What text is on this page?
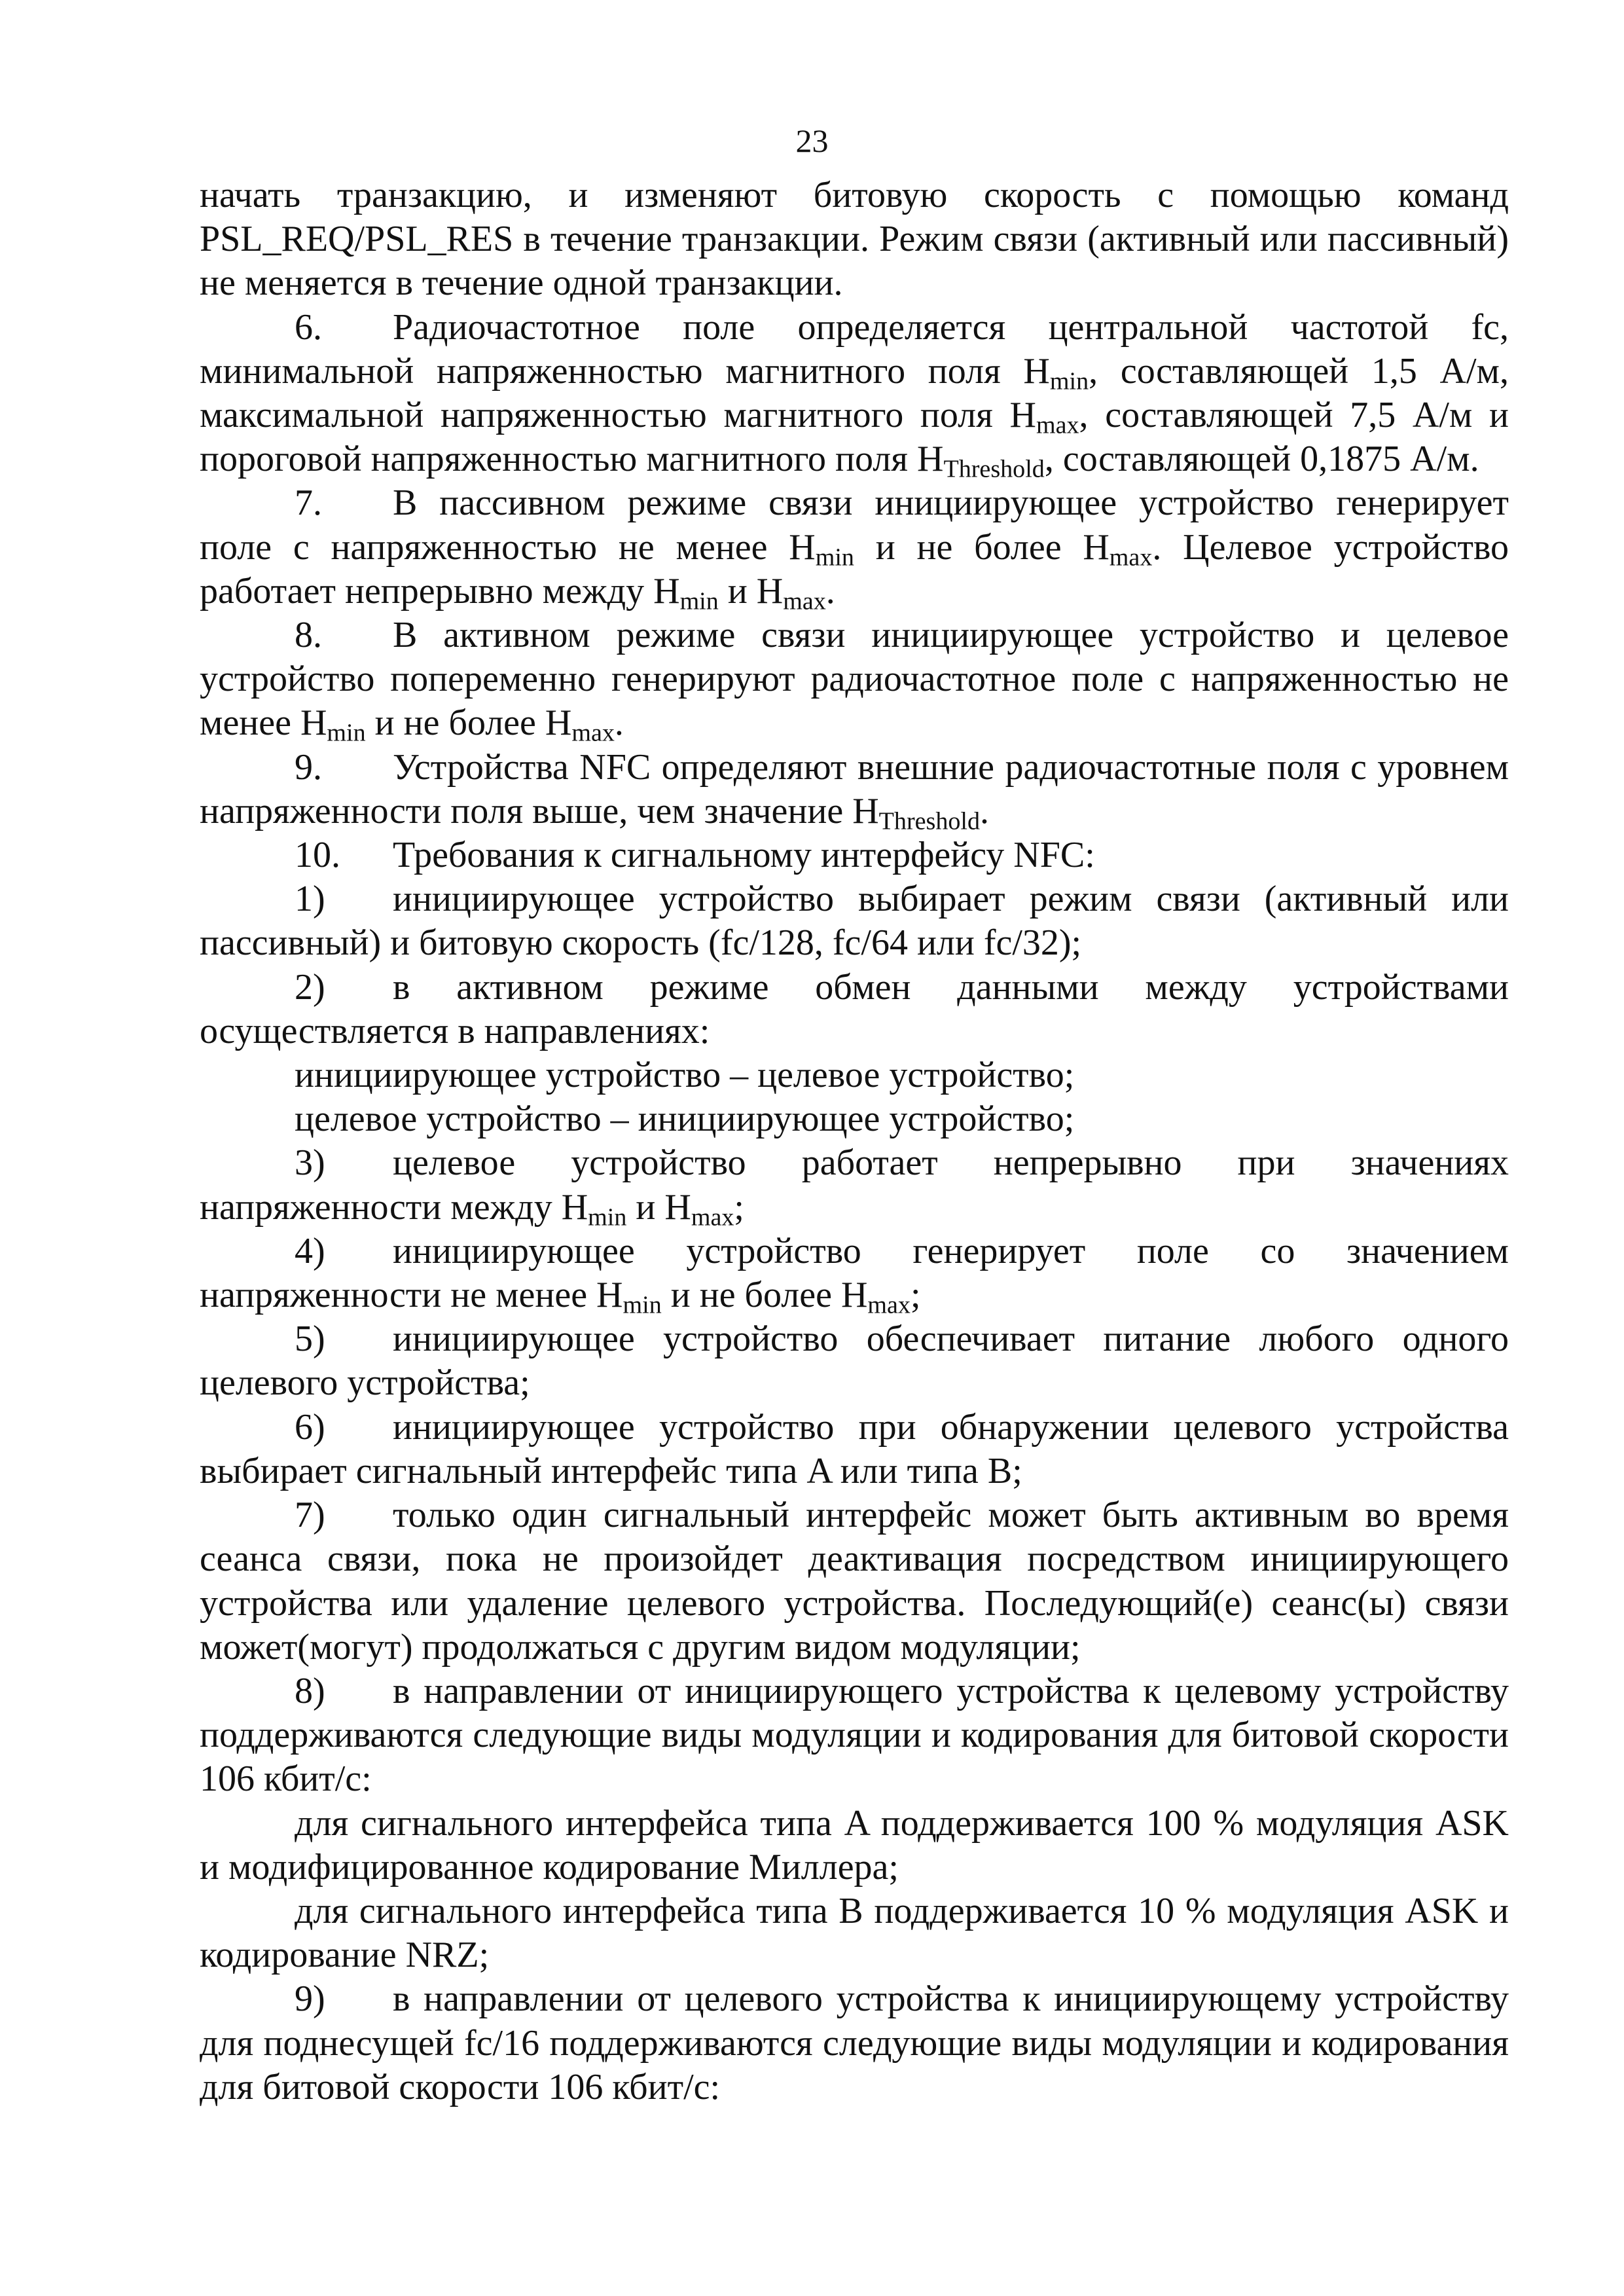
23

начать транзакцию, и изменяют битовую скорость с помощью команд PSL_REQ/PSL_RES в течение транзакции. Режим связи (активный или пассивный) не меняется в течение одной транзакции.

6. Радиочастотное поле определяется центральной частотой fc, минимальной напряженностью магнитного поля $H_{min}$, составляющей 1,5 А/м, максимальной напряженностью магнитного поля $H_{max}$, составляющей 7,5 А/м и пороговой напряженностью магнитного поля $H_{Threshold}$, составляющей 0,1875 А/м.

7. В пассивном режиме связи инициирующее устройство генерирует поле с напряженностью не менее $H_{min}$ и не более $H_{max}$. Целевое устройство работает непрерывно между $H_{min}$ и $H_{max}$.

8. В активном режиме связи инициирующее устройство и целевое устройство попеременно генерируют радиочастотное поле с напряженностью не менее $H_{min}$ и не более $H_{max}$.

9. Устройства NFC определяют внешние радиочастотные поля с уровнем напряженности поля выше, чем значение $H_{Threshold}$.

10. Требования к сигнальному интерфейсу NFC:

1) инициирующее устройство выбирает режим связи (активный или пассивный) и битовую скорость (fc/128, fc/64 или fc/32);

2) в активном режиме обмен данными между устройствами осуществляется в направлениях:

инициирующее устройство – целевое устройство;

целевое устройство – инициирующее устройство;

3) целевое устройство работает непрерывно при значениях напряженности между $H_{min}$ и $H_{max}$;

4) инициирующее устройство генерирует поле со значением напряженности не менее $H_{min}$ и не более $H_{max}$;

5) инициирующее устройство обеспечивает питание любого одного целевого устройства;

6) инициирующее устройство при обнаружении целевого устройства выбирает сигнальный интерфейс типа A или типа B;

7) только один сигнальный интерфейс может быть активным во время сеанса связи, пока не произойдет деактивация посредством инициирующего устройства или удаление целевого устройства. Последующий(е) сеанс(ы) связи может(могут) продолжаться с другим видом модуляции;

8) в направлении от инициирующего устройства к целевому устройству поддерживаются следующие виды модуляции и кодирования для битовой скорости 106 кбит/с:

для сигнального интерфейса типа A поддерживается 100 % модуляция ASK и модифицированное кодирование Миллера;

для сигнального интерфейса типа B поддерживается 10 % модуляция ASK и кодирование NRZ;

9) в направлении от целевого устройства к инициирующему устройству для поднесущей fc/16 поддерживаются следующие виды модуляции и кодирования для битовой скорости 106 кбит/с:
